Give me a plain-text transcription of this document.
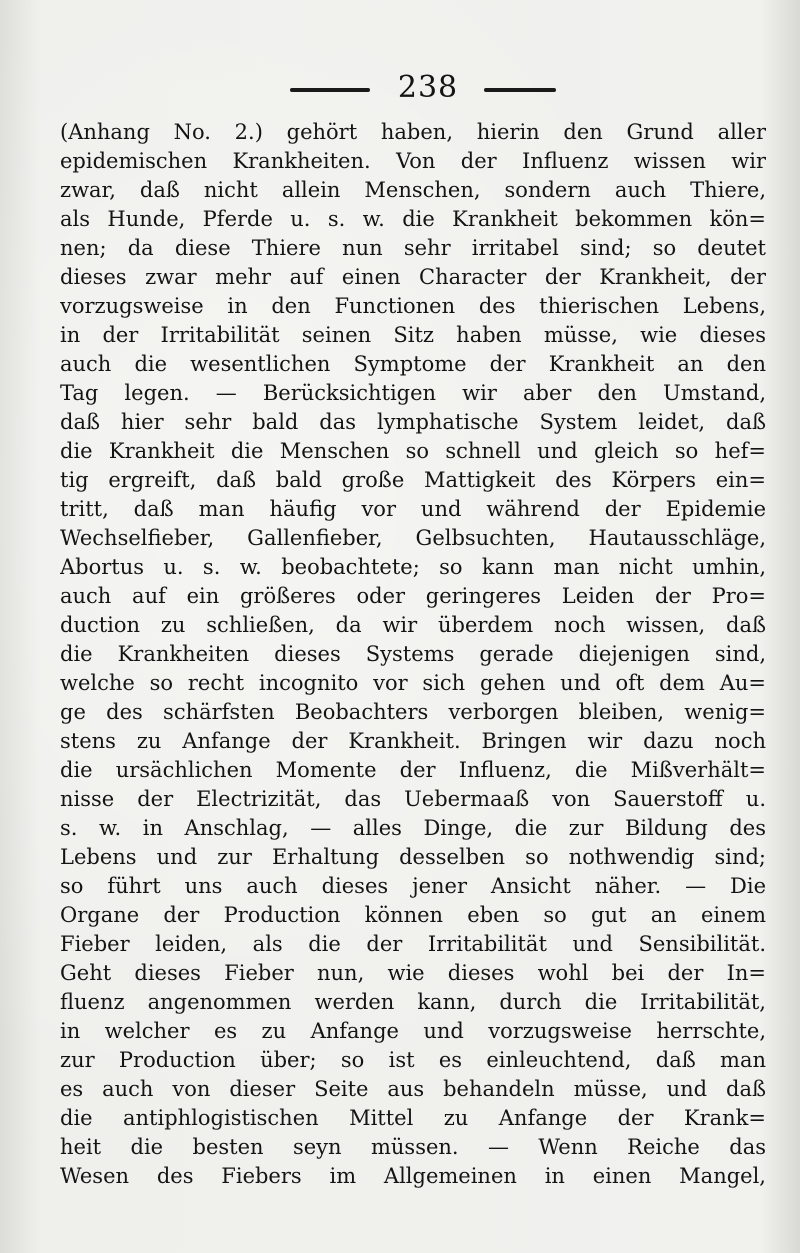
238
(Anhang No. 2.) gehört haben, hierin den Grund aller
epidemischen Krankheiten. Von der Influenz wissen wir
zwar, daß nicht allein Menschen, sondern auch Thiere,
als Hunde, Pferde u. s. w. die Krankheit bekommen kön=
nen; da diese Thiere nun sehr irritabel sind; so deutet
dieses zwar mehr auf einen Character der Krankheit, der
vorzugsweise in den Functionen des thierischen Lebens,
in der Irritabilität seinen Sitz haben müsse, wie dieses
auch die wesentlichen Symptome der Krankheit an den
Tag legen. — Berücksichtigen wir aber den Umstand,
daß hier sehr bald das lymphatische System leidet, daß
die Krankheit die Menschen so schnell und gleich so hef=
tig ergreift, daß bald große Mattigkeit des Körpers ein=
tritt, daß man häufig vor und während der Epidemie
Wechselfieber, Gallenfieber, Gelbsuchten, Hautausschläge,
Abortus u. s. w. beobachtete; so kann man nicht umhin,
auch auf ein größeres oder geringeres Leiden der Pro=
duction zu schließen, da wir überdem noch wissen, daß
die Krankheiten dieses Systems gerade diejenigen sind,
welche so recht incognito vor sich gehen und oft dem Au=
ge des schärfsten Beobachters verborgen bleiben, wenig=
stens zu Anfange der Krankheit. Bringen wir dazu noch
die ursächlichen Momente der Influenz, die Mißverhält=
nisse der Electrizität, das Uebermaaß von Sauerstoff u.
s. w. in Anschlag, — alles Dinge, die zur Bildung des
Lebens und zur Erhaltung desselben so nothwendig sind;
so führt uns auch dieses jener Ansicht näher. — Die
Organe der Production können eben so gut an einem
Fieber leiden, als die der Irritabilität und Sensibilität.
Geht dieses Fieber nun, wie dieses wohl bei der In=
fluenz angenommen werden kann, durch die Irritabilität,
in welcher es zu Anfange und vorzugsweise herrschte,
zur Production über; so ist es einleuchtend, daß man
es auch von dieser Seite aus behandeln müsse, und daß
die antiphlogistischen Mittel zu Anfange der Krank=
heit die besten seyn müssen. — Wenn Reiche das
Wesen des Fiebers im Allgemeinen in einen Mangel,
